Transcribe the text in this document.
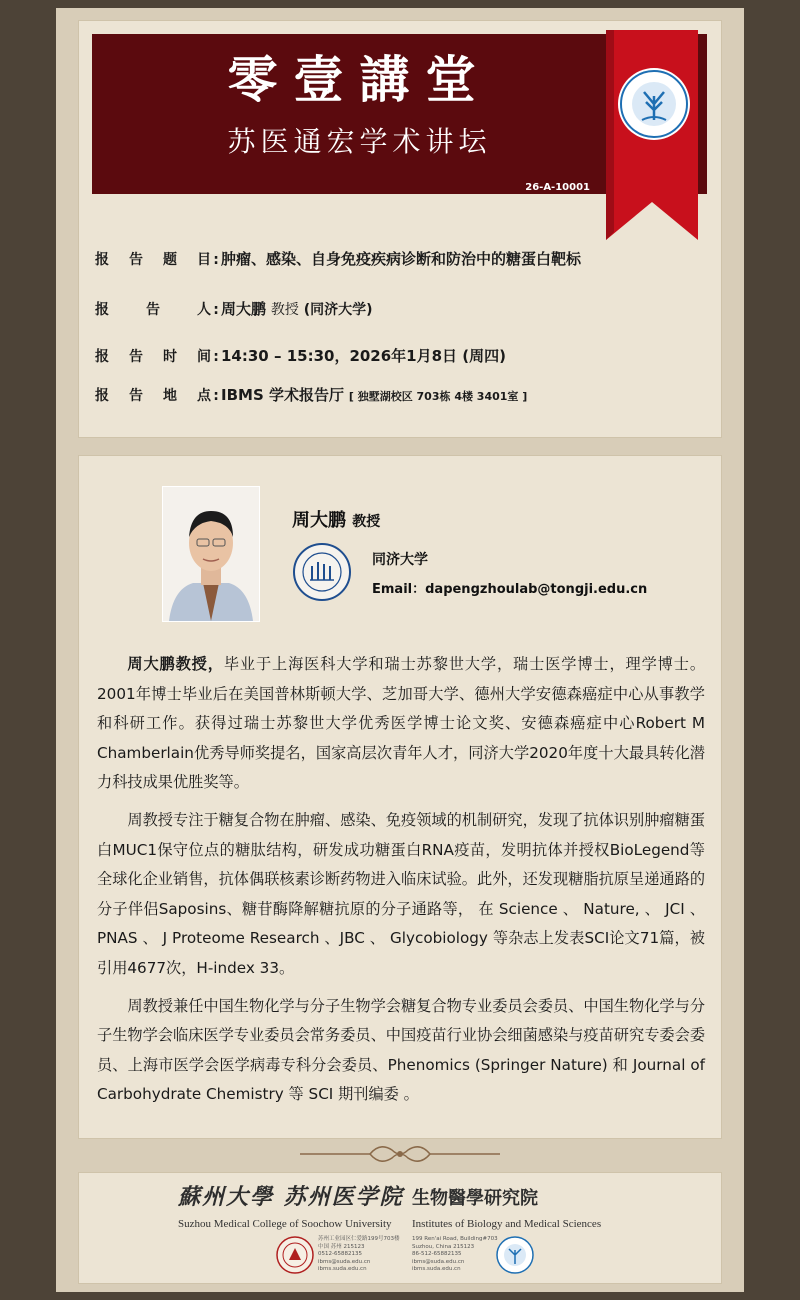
零壹講堂
苏医通宏学术讲坛
26-A-10001
报告题目 : 肿瘤、感染、自身免疫疾病诊断和防治中的糖蛋白靶标
报告人 : 周大鹏 教授 (同济大学)
报告时间 : 14:30 – 15:30，2026年1月8日 (周四)
报告地点 : IBMS 学术报告厅 [ 独墅湖校区 703栋 4楼 3401室 ]
周大鹏 教授
同济大学
Email：dapengzhoulab@tongji.edu.cn

周大鹏教授，毕业于上海医科大学和瑞士苏黎世大学，瑞士医学博士，理学博士。2001年博士毕业后在美国普林斯顿大学、芝加哥大学、德州大学安德森癌症中心从事教学和科研工作。获得过瑞士苏黎世大学优秀医学博士论文奖、安德森癌症中心Robert M Chamberlain优秀导师奖提名，国家高层次青年人才，同济大学2020年度十大最具转化潜力科技成果优胜奖等。

周教授专注于糖复合物在肿瘤、感染、免疫领域的机制研究，发现了抗体识别肿瘤糖蛋白MUC1保守位点的糖肽结构，研发成功糖蛋白RNA疫苗，发明抗体并授权BioLegend等全球化企业销售，抗体偶联核素诊断药物进入临床试验。此外，还发现糖脂抗原呈递通路的分子伴侣Saposins、糖苷酶降解糖抗原的分子通路等， 在 Science 、 Nature, 、 JCI 、 PNAS 、 J Proteome Research 、JBC 、 Glycobiology 等杂志上发表SCI论文71篇，被引用4677次，H-index 33。

周教授兼任中国生物化学与分子生物学会糖复合物专业委员会委员、中国生物化学与分子生物学会临床医学专业委员会常务委员、中国疫苗行业协会细菌感染与疫苗研究专委会委员、上海市医学会医学病毒专科分会委员、Phenomics (Springer Nature) 和 Journal of Carbohydrate Chemistry 等 SCI 期刊编委 。

蘇州大學 苏州医学院 生物醫學研究院
Suzhou Medical College of Soochow University Institutes of Biology and Medical Sciences
苏州工业园区仁爱路199号703楼
中国 苏州 215123
0512-65882135
ibms@suda.edu.cn
ibms.suda.edu.cn
199 Ren'ai Road, Building#703
Suzhou, China 215123
86-512-65882135
ibms@suda.edu.cn
ibms.suda.edu.cn
